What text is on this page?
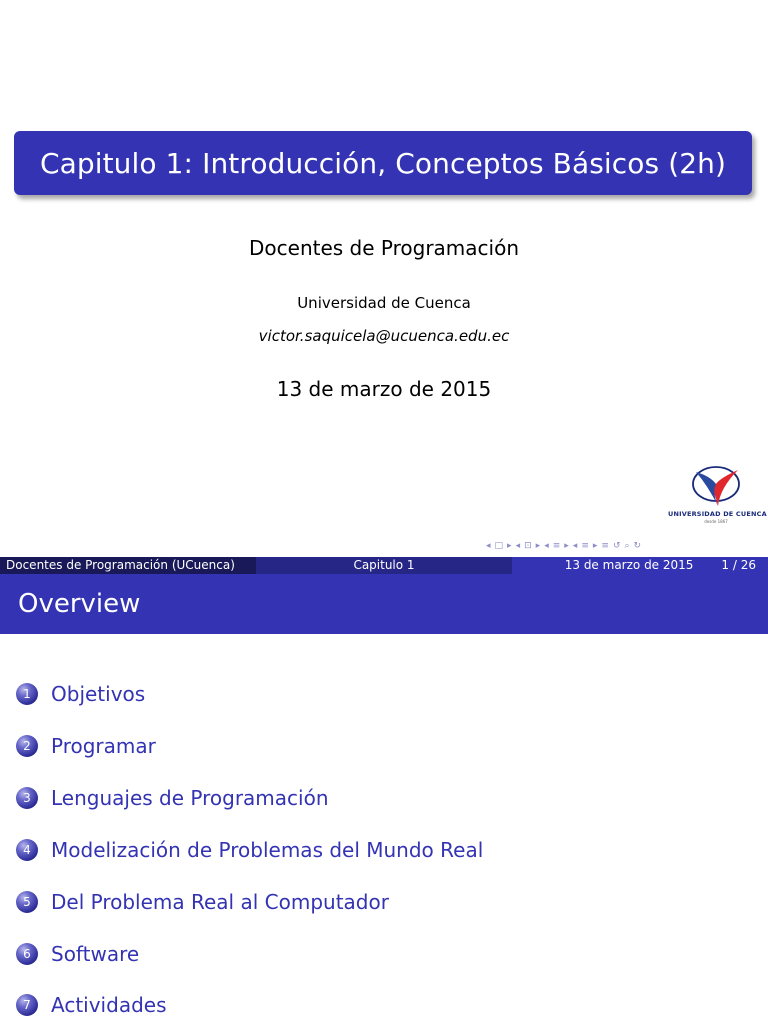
Capitulo 1: Introducción, Conceptos Básicos (2h)
Docentes de Programación
Universidad de Cuenca
victor.saquicela@ucuenca.edu.ec
13 de marzo de 2015
UNIVERSIDAD DE CUENCA
desde 1867
◂ □ ▸ ◂ ⊡ ▸ ◂ ≡ ▸ ◂ ≡ ▸ ≡ ↺ ⌕ ↻
Docentes de Programación (UCuenca)	Capitulo 1	13 de marzo de 2015 1 / 26
Overview
1	Objetivos
2	Programar
3	Lenguajes de Programación
4	Modelización de Problemas del Mundo Real
5	Del Problema Real al Computador
6	Software
7	Actividades
